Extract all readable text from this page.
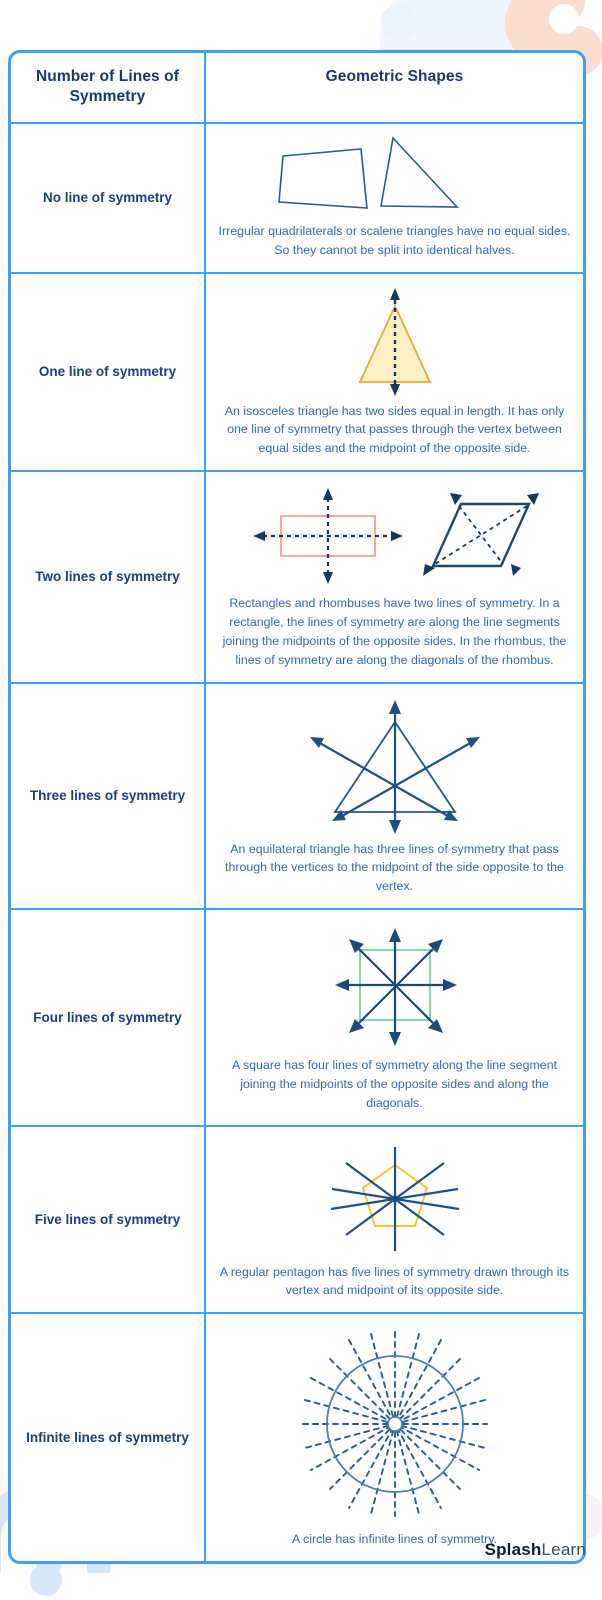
Number of Lines of Symmetry
Geometric Shapes
No line of symmetry
Irregular quadrilaterals or scalene triangles have no equal sides. So they cannot be split into identical halves.
One line of symmetry
An isosceles triangle has two sides equal in length. It has only one line of symmetry that passes through the vertex between equal sides and the midpoint of the opposite side.
Two lines of symmetry
Rectangles and rhombuses have two lines of symmetry. In a rectangle, the lines of symmetry are along the line segments joining the midpoints of the opposite sides. In the rhombus, the lines of symmetry are along the diagonals of the rhombus.
Three lines of symmetry
An equilateral triangle has three lines of symmetry that pass through the vertices to the midpoint of the side opposite to the vertex.
Four lines of symmetry
A square has four lines of symmetry along the line segment joining the midpoints of the opposite sides and along the diagonals.
Five lines of symmetry
A regular pentagon has five lines of symmetry drawn through its vertex and midpoint of its opposite side.
Infinite lines of symmetry
A circle has infinite lines of symmetry.
SplashLearn
